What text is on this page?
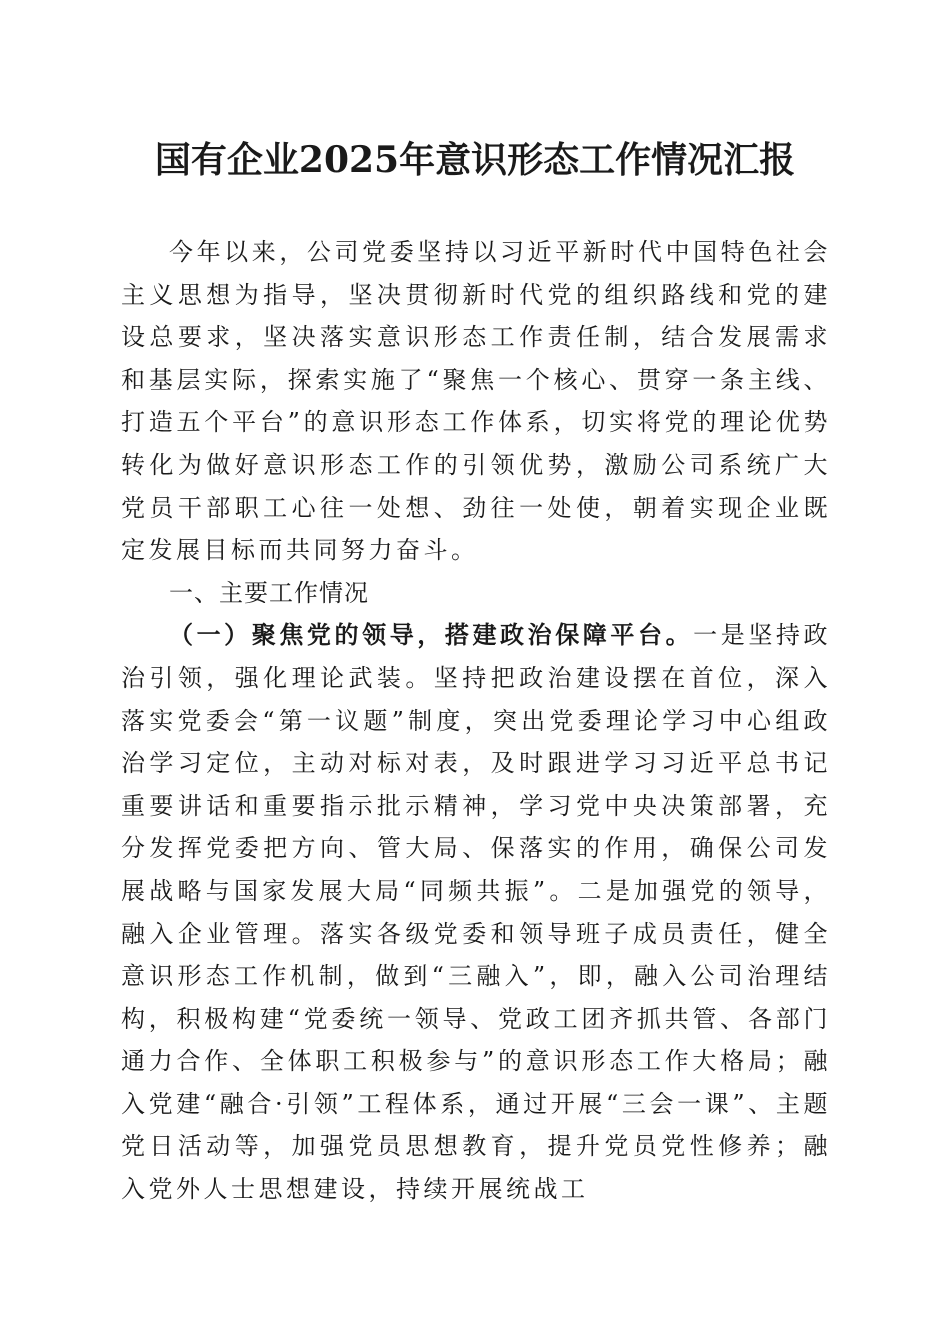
国有企业2025年意识形态工作情况汇报

今年以来，公司党委坚持以习近平新时代中国特色社会主义思想为指导，坚决贯彻新时代党的组织路线和党的建设总要求，坚决落实意识形态工作责任制，结合发展需求和基层实际，探索实施了“聚焦一个核心、贯穿一条主线、打造五个平台”的意识形态工作体系，切实将党的理论优势转化为做好意识形态工作的引领优势，激励公司系统广大党员干部职工心往一处想、劲往一处使，朝着实现企业既定发展目标而共同努力奋斗。

一、主要工作情况

（一）聚焦党的领导，搭建政治保障平台。一是坚持政治引领，强化理论武装。坚持把政治建设摆在首位，深入落实党委会“第一议题”制度，突出党委理论学习中心组政治学习定位，主动对标对表，及时跟进学习习近平总书记重要讲话和重要指示批示精神，学习党中央决策部署，充分发挥党委把方向、管大局、保落实的作用，确保公司发展战略与国家发展大局“同频共振”。二是加强党的领导，融入企业管理。落实各级党委和领导班子成员责任，健全意识形态工作机制，做到“三融入”，即，融入公司治理结构，积极构建“党委统一领导、党政工团齐抓共管、各部门通力合作、全体职工积极参与”的意识形态工作大格局；融入党建“融合·引领”工程体系，通过开展“三会一课”、主题党日活动等，加强党员思想教育，提升党员党性修养；融入党外人士思想建设，持续开展统战工
